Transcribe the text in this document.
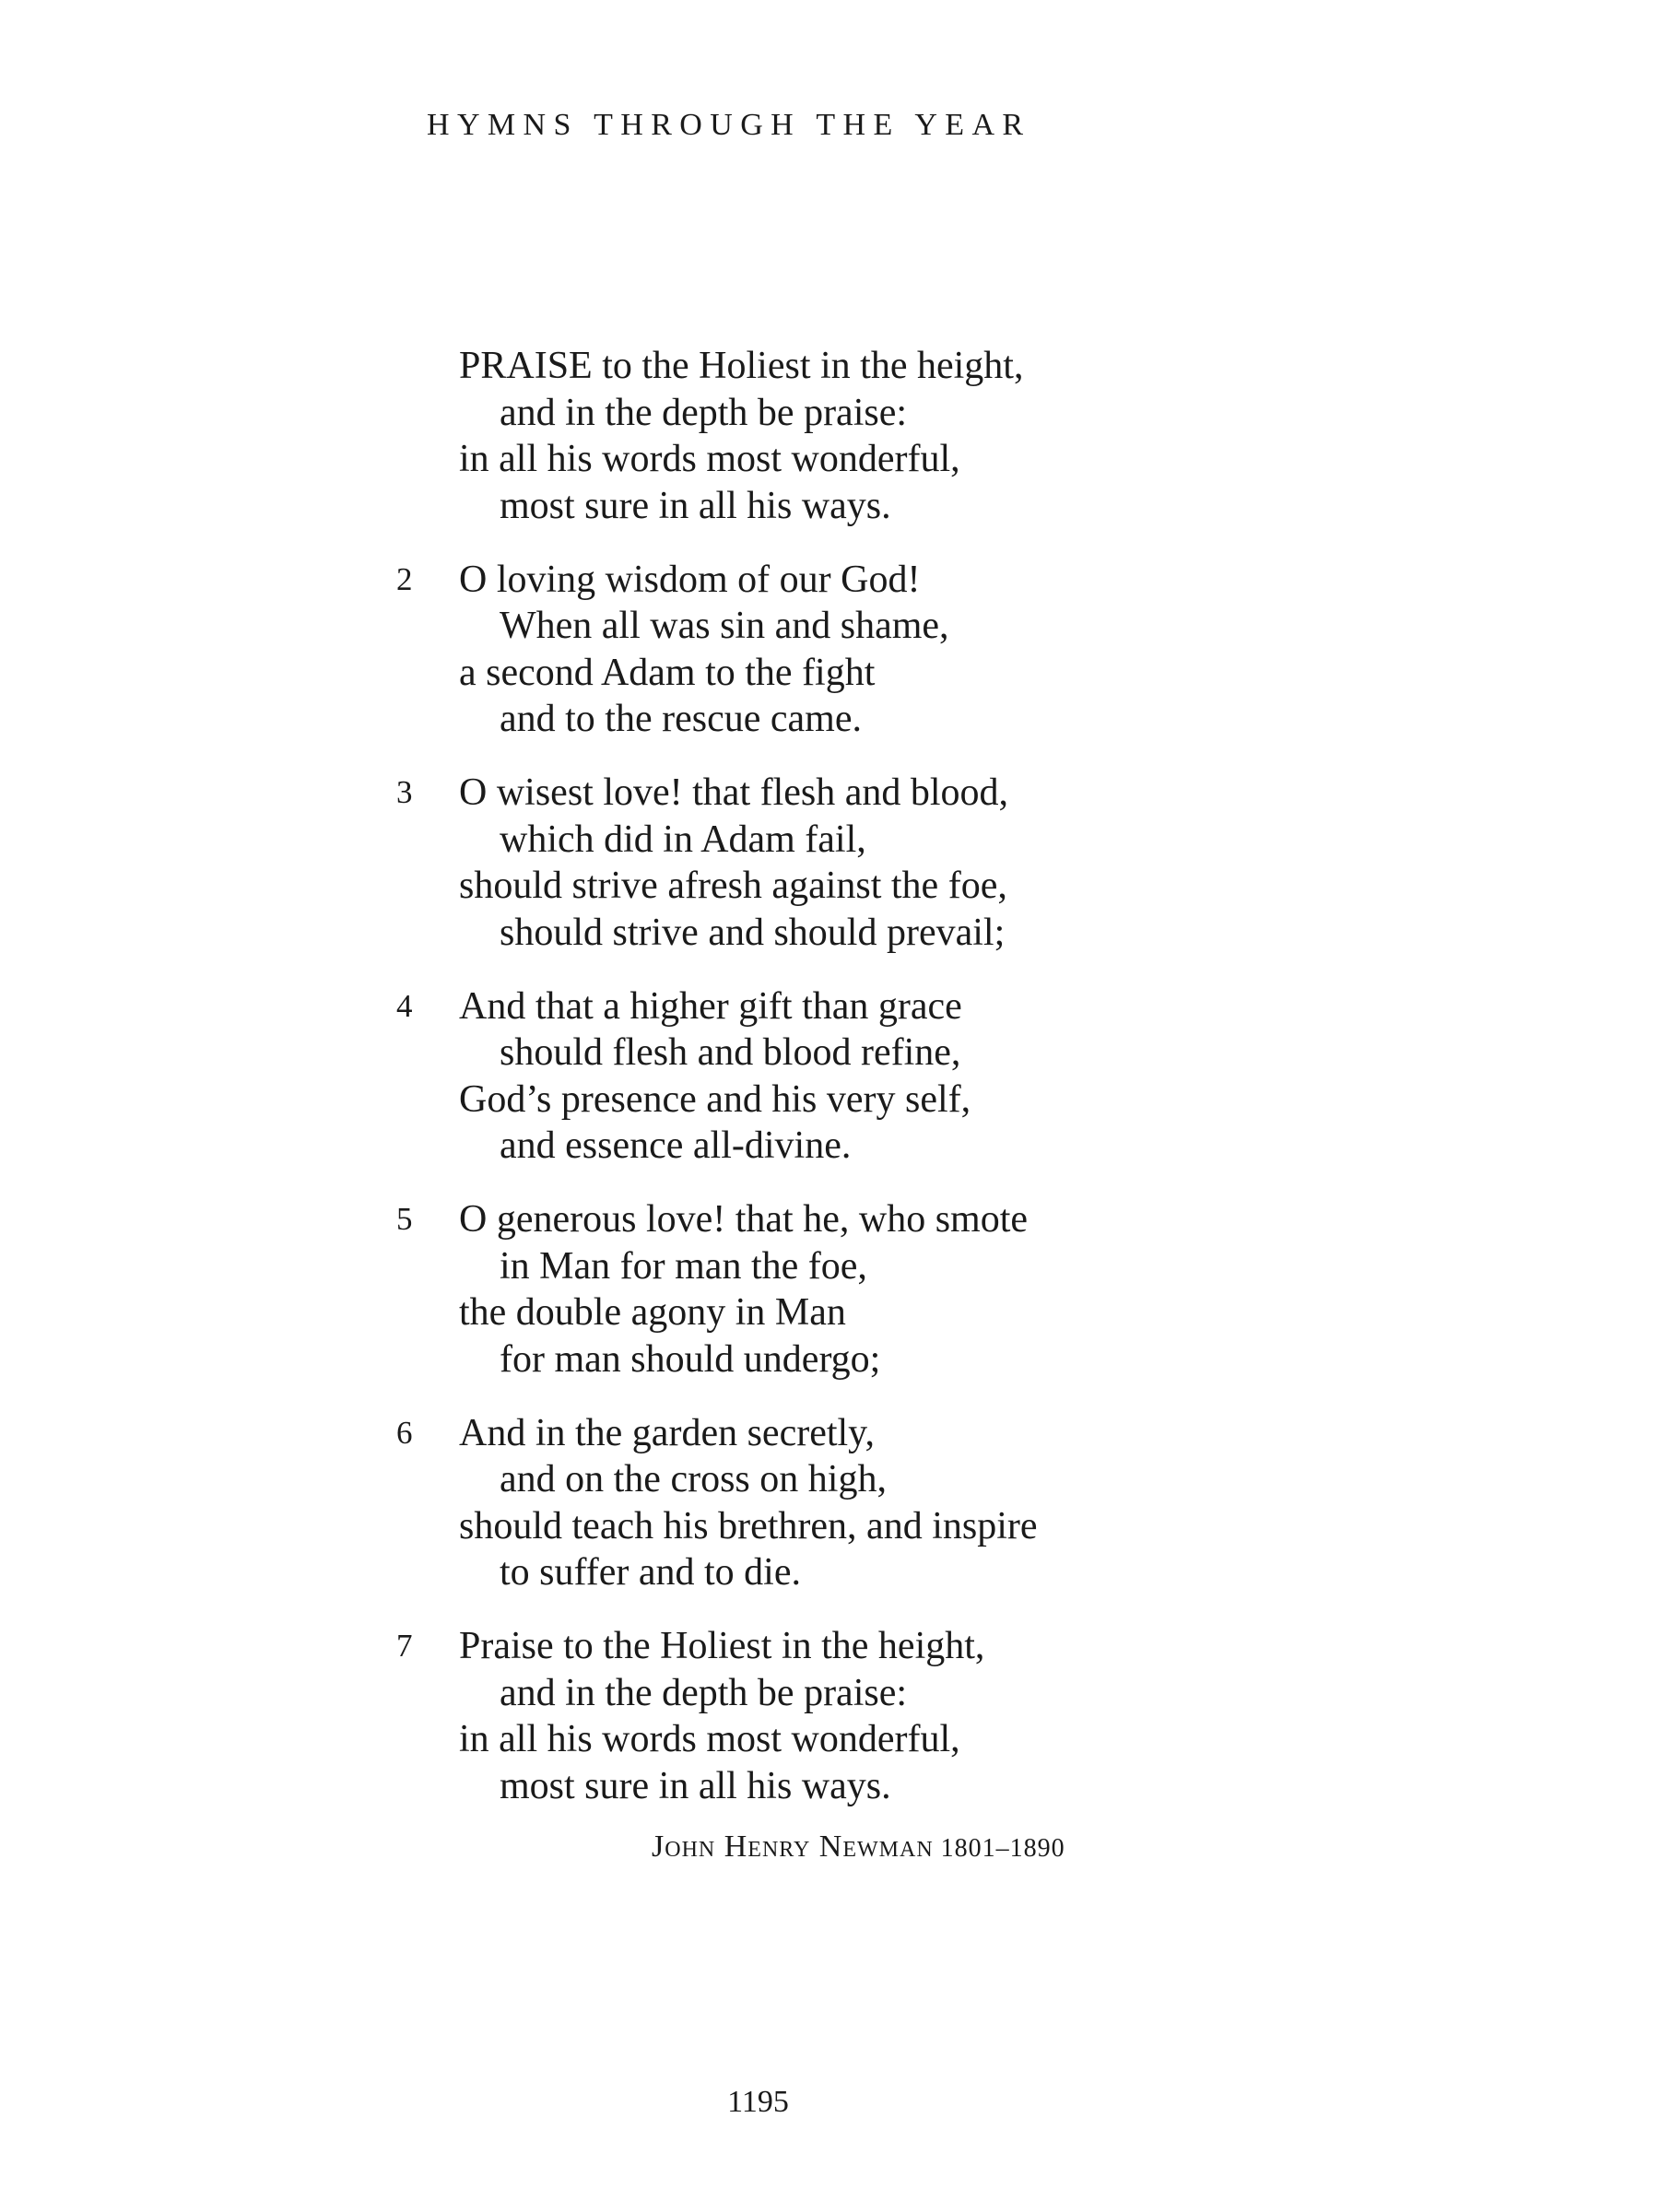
HYMNS THROUGH THE YEAR
PRAISE to the Holiest in the height,
and in the depth be praise:
in all his words most wonderful,
most sure in all his ways.
2	O loving wisdom of our God!
When all was sin and shame,
a second Adam to the fight
and to the rescue came.
3	O wisest love! that flesh and blood,
which did in Adam fail,
should strive afresh against the foe,
should strive and should prevail;
4	And that a higher gift than grace
should flesh and blood refine,
God’s presence and his very self,
and essence all-divine.
5	O generous love! that he, who smote
in Man for man the foe,
the double agony in Man
for man should undergo;
6	And in the garden secretly,
and on the cross on high,
should teach his brethren, and inspire
to suffer and to die.
7	Praise to the Holiest in the height,
and in the depth be praise:
in all his words most wonderful,
most sure in all his ways.
John Henry Newman 1801–1890
1195
